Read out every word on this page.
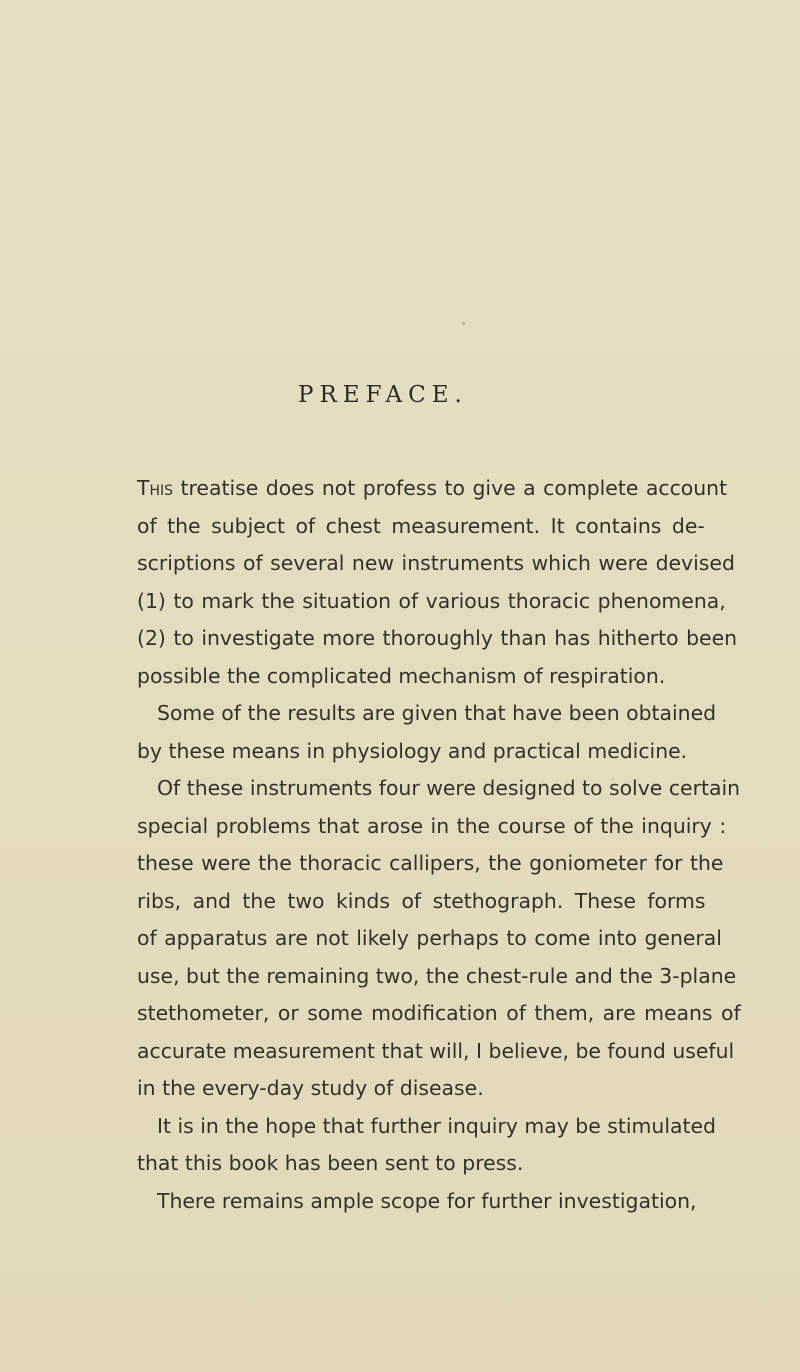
PREFACE.
This treatise does not profess to give a complete account
of the subject of chest measurement. It contains de-
scriptions of several new instruments which were devised
(1) to mark the situation of various thoracic phenomena,
(2) to investigate more thoroughly than has hitherto been
possible the complicated mechanism of respiration.
Some of the results are given that have been obtained
by these means in physiology and practical medicine.
Of these instruments four were designed to solve certain
special problems that arose in the course of the inquiry :
these were the thoracic callipers, the goniometer for the
ribs, and the two kinds of stethograph. These forms
of apparatus are not likely perhaps to come into general
use, but the remaining two, the chest-rule and the 3-plane
stethometer, or some modification of them, are means of
accurate measurement that will, I believe, be found useful
in the every-day study of disease.
It is in the hope that further inquiry may be stimulated
that this book has been sent to press.
There remains ample scope for further investigation,
